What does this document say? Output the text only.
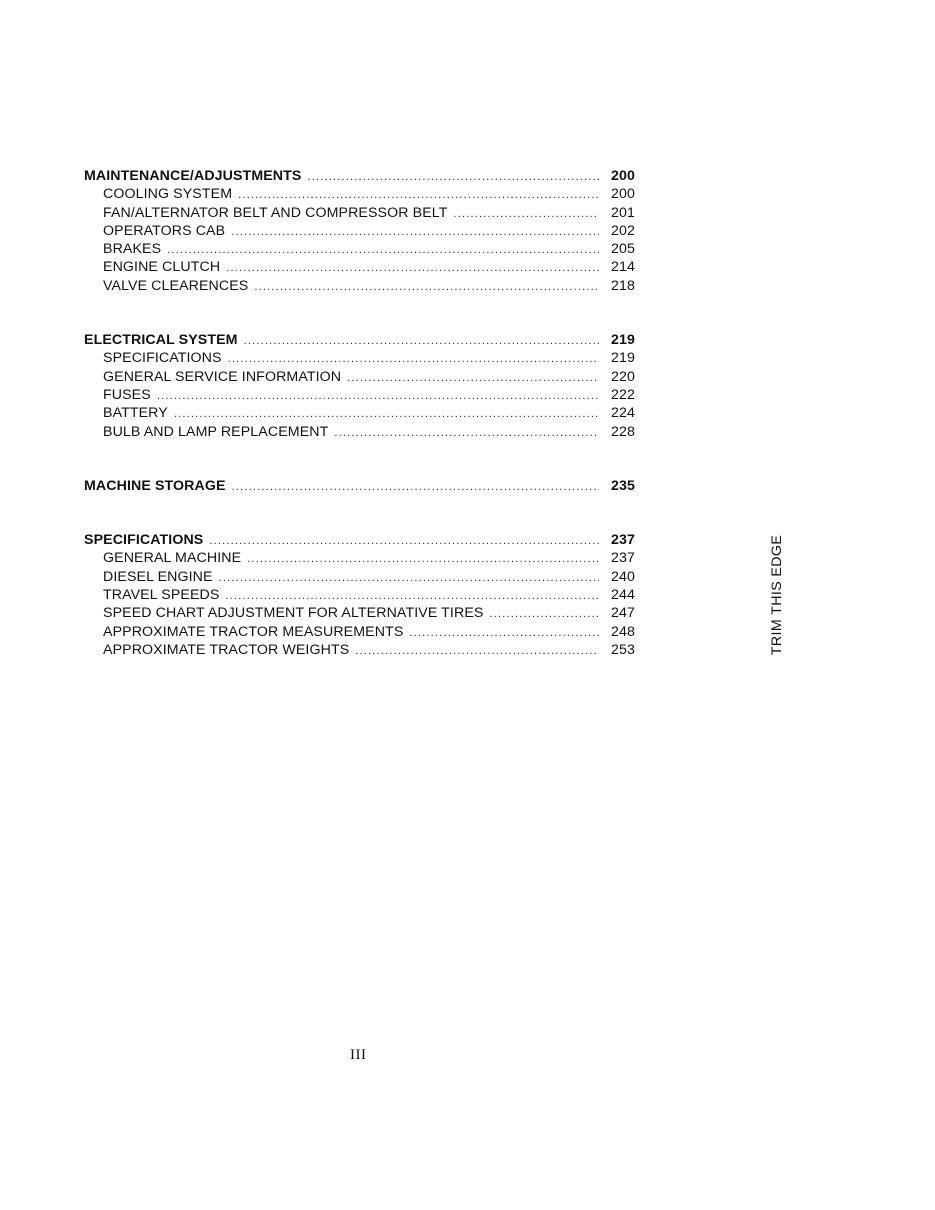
MAINTENANCE/ADJUSTMENTS .....	200
COOLING SYSTEM .....	200
FAN/ALTERNATOR BELT AND COMPRESSOR BELT .....	201
OPERATORS CAB .....	202
BRAKES .....	205
ENGINE CLUTCH .....	214
VALVE CLEARENCES .....	218
ELECTRICAL SYSTEM .....	219
SPECIFICATIONS .....	219
GENERAL SERVICE INFORMATION .....	220
FUSES .....	222
BATTERY .....	224
BULB AND LAMP REPLACEMENT .....	228
MACHINE STORAGE .....	235
SPECIFICATIONS .....	237
GENERAL MACHINE .....	237
DIESEL ENGINE .....	240
TRAVEL SPEEDS .....	244
SPEED CHART ADJUSTMENT FOR ALTERNATIVE TIRES .....	247
APPROXIMATE TRACTOR MEASUREMENTS .....	248
APPROXIMATE TRACTOR WEIGHTS .....	253	TRIM THIS EDGE
III
